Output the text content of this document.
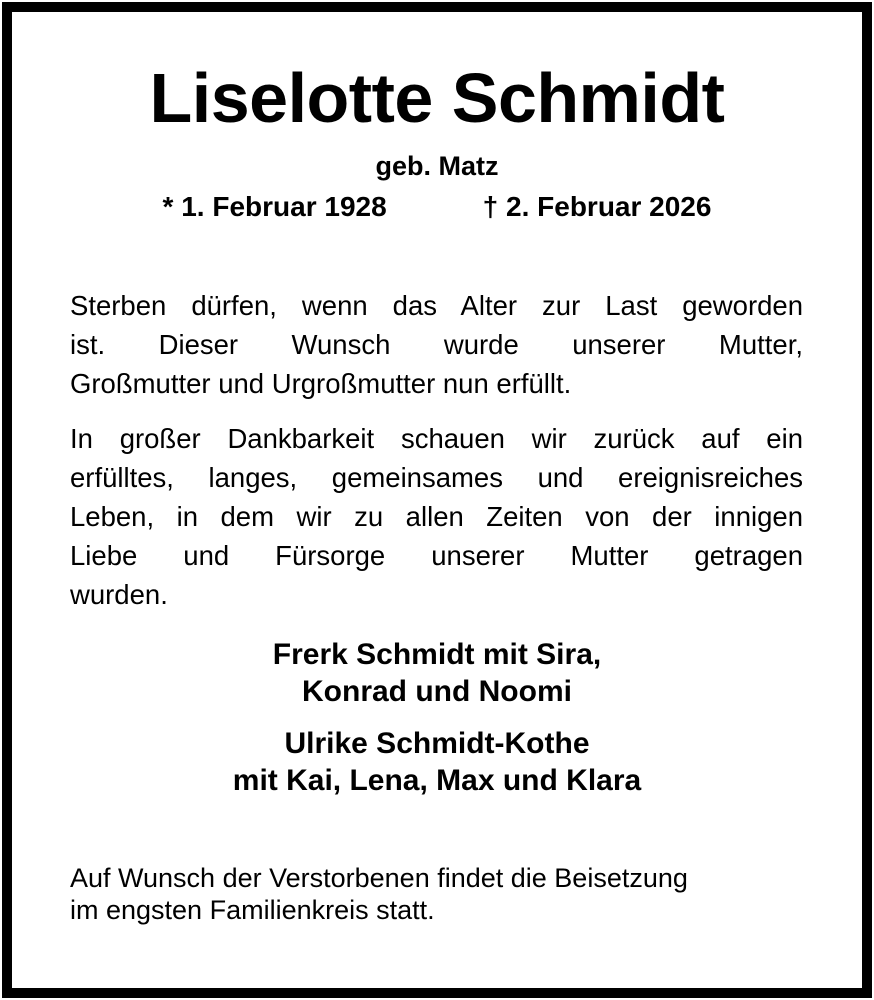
Liselotte Schmidt
geb. Matz
* 1. Februar 1928	† 2. Februar 2026
Sterben dürfen, wenn das Alter zur Last geworden
ist. Dieser Wunsch wurde unserer Mutter,
Großmutter und Urgroßmutter nun erfüllt.
In großer Dankbarkeit schauen wir zurück auf ein
erfülltes, langes, gemeinsames und ereignisreiches
Leben, in dem wir zu allen Zeiten von der innigen
Liebe und Fürsorge unserer Mutter getragen
wurden.
Frerk Schmidt mit Sira,
Konrad und Noomi
Ulrike Schmidt-Kothe
mit Kai, Lena, Max und Klara
Auf Wunsch der Verstorbenen findet die Beisetzung
im engsten Familienkreis statt.
